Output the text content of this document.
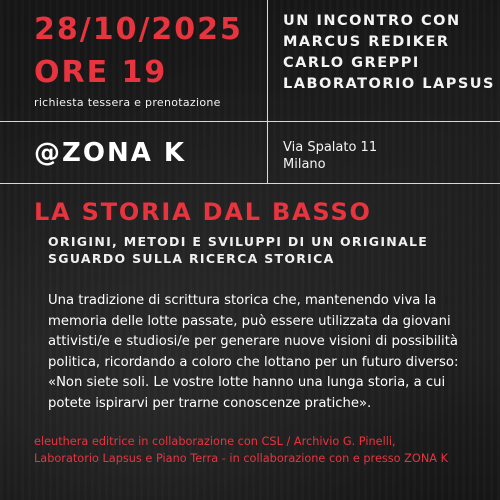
28/10/2025
ORE 19
richiesta tessera e prenotazione
UN INCONTRO CON
MARCUS REDIKER
CARLO GREPPI
LABORATORIO LAPSUS
@ZONA K	Via Spalato 11
Milano
LA STORIA DAL BASSO
ORIGINI, METODI E SVILUPPI DI UN ORIGINALE
SGUARDO SULLA RICERCA STORICA
Una tradizione di scrittura storica che, mantenendo viva la
memoria delle lotte passate, può essere utilizzata da giovani
attivisti/e e studiosi/e per generare nuove visioni di possibilità
politica, ricordando a coloro che lottano per un futuro diverso:
«Non siete soli. Le vostre lotte hanno una lunga storia, a cui
potete ispirarvi per trarne conoscenze pratiche».
eleuthera editrice in collaborazione con CSL / Archivio G. Pinelli,
Laboratorio Lapsus e Piano Terra - in collaborazione con e presso ZONA K
